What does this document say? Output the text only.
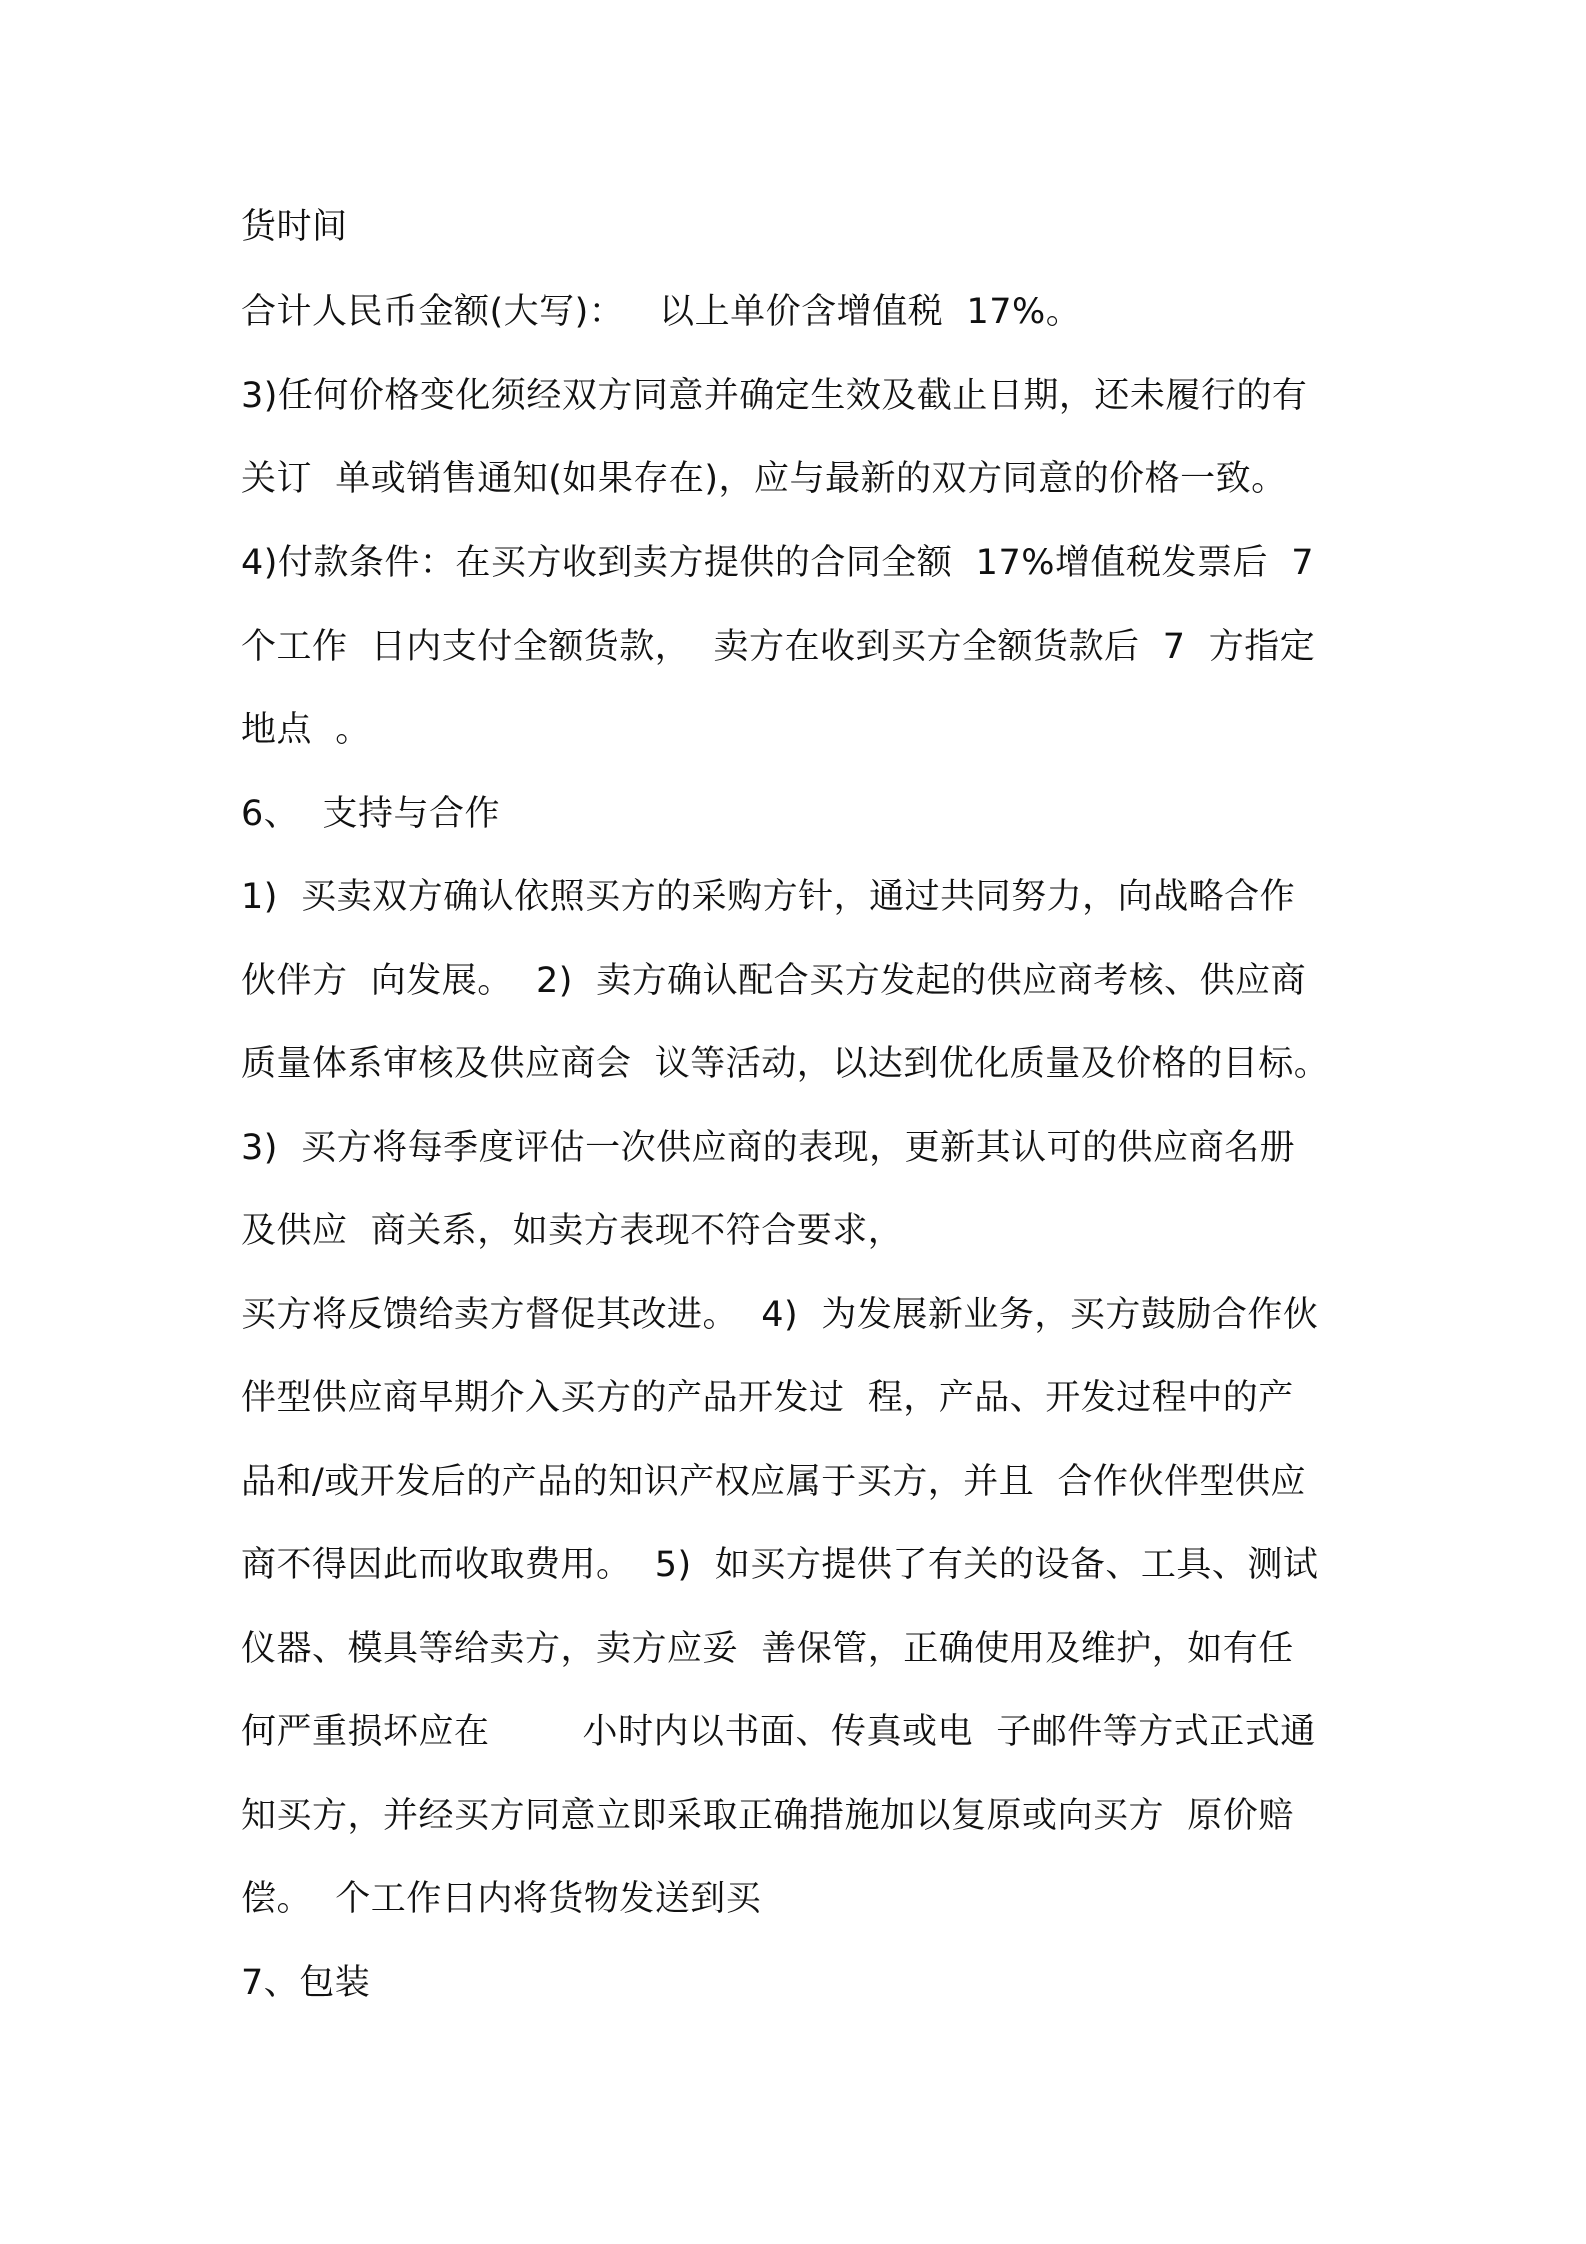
货时间
合计人民币金额(大写)：   以上单价含增值税  17%。
3)任何价格变化须经双方同意并确定生效及截止日期，还未履行的有
关订  单或销售通知(如果存在)，应与最新的双方同意的价格一致。
4)付款条件：在买方收到卖方提供的合同全额  17%增值税发票后  7
个工作  日内支付全额货款，  卖方在收到买方全额货款后  7  方指定
地点  。
6、  支持与合作
1)  买卖双方确认依照买方的采购方针，通过共同努力，向战略合作
伙伴方  向发展。  2)  卖方确认配合买方发起的供应商考核、供应商
质量体系审核及供应商会  议等活动，以达到优化质量及价格的目标。
3)  买方将每季度评估一次供应商的表现，更新其认可的供应商名册
及供应  商关系，如卖方表现不符合要求，
买方将反馈给卖方督促其改进。  4)  为发展新业务，买方鼓励合作伙
伴型供应商早期介入买方的产品开发过  程，产品、开发过程中的产
品和/或开发后的产品的知识产权应属于买方，并且  合作伙伴型供应
商不得因此而收取费用。  5)  如买方提供了有关的设备、工具、测试
仪器、模具等给卖方，卖方应妥  善保管，正确使用及维护，如有任
何严重损坏应在        小时内以书面、传真或电  子邮件等方式正式通
知买方，并经买方同意立即采取正确措施加以复原或向买方  原价赔
偿。  个工作日内将货物发送到买
7、包装
